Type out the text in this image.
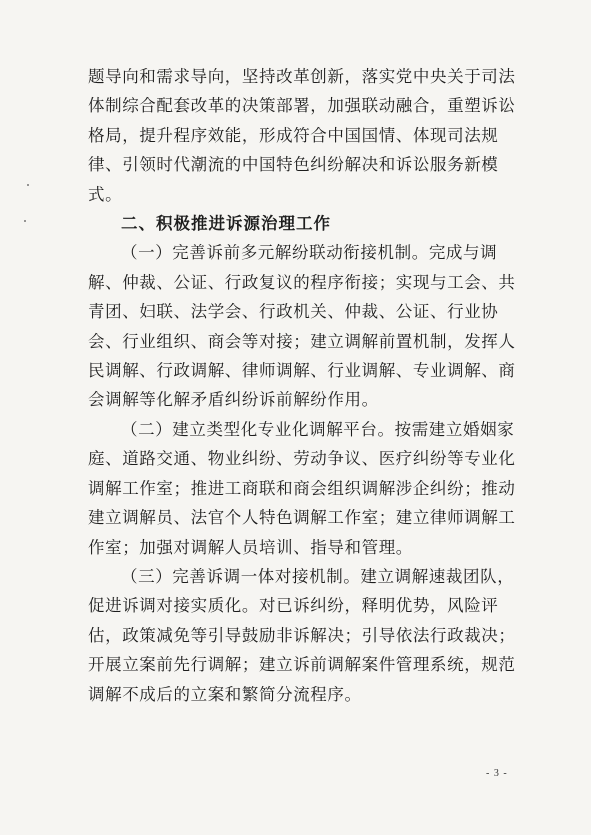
题导向和需求导向，坚持改革创新，落实党中央关于司法体制综合配套改革的决策部署，加强联动融合，重塑诉讼格局，提升程序效能，形成符合中国国情、体现司法规律、引领时代潮流的中国特色纠纷解决和诉讼服务新模式。

二、积极推进诉源治理工作

（一）完善诉前多元解纷联动衔接机制。完成与调解、仲裁、公证、行政复议的程序衔接；实现与工会、共青团、妇联、法学会、行政机关、仲裁、公证、行业协会、行业组织、商会等对接；建立调解前置机制，发挥人民调解、行政调解、律师调解、行业调解、专业调解、商会调解等化解矛盾纠纷诉前解纷作用。

（二）建立类型化专业化调解平台。按需建立婚姻家庭、道路交通、物业纠纷、劳动争议、医疗纠纷等专业化调解工作室；推进工商联和商会组织调解涉企纠纷；推动建立调解员、法官个人特色调解工作室；建立律师调解工作室；加强对调解人员培训、指导和管理。

（三）完善诉调一体对接机制。建立调解速裁团队，促进诉调对接实质化。对已诉纠纷，释明优势，风险评估，政策减免等引导鼓励非诉解决；引导依法行政裁决；开展立案前先行调解；建立诉前调解案件管理系统，规范调解不成后的立案和繁简分流程序。

- 3 -
